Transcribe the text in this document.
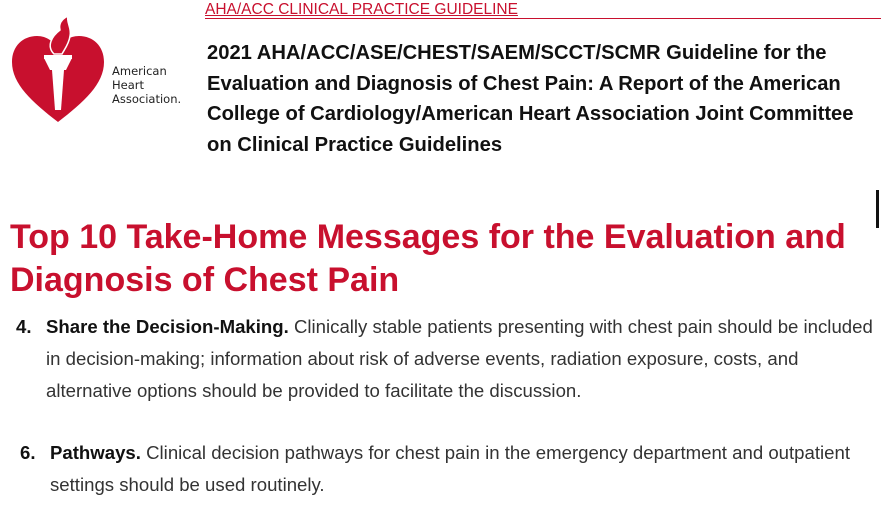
American
Heart
Association.
AHA/ACC CLINICAL PRACTICE GUIDELINE
2021 AHA/ACC/ASE/CHEST/SAEM/SCCT/SCMR Guideline for the Evaluation and Diagnosis of Chest Pain: A Report of the American College of Cardiology/American Heart Association Joint Committee on Clinical Practice Guidelines
Top 10 Take-Home Messages for the Evaluation and Diagnosis of Chest Pain
4. Share the Decision-Making. Clinically stable patients presenting with chest pain should be included in decision-making; information about risk of adverse events, radiation exposure, costs, and alternative options should be provided to facilitate the discussion.
6. Pathways. Clinical decision pathways for chest pain in the emergency department and outpatient settings should be used routinely.
